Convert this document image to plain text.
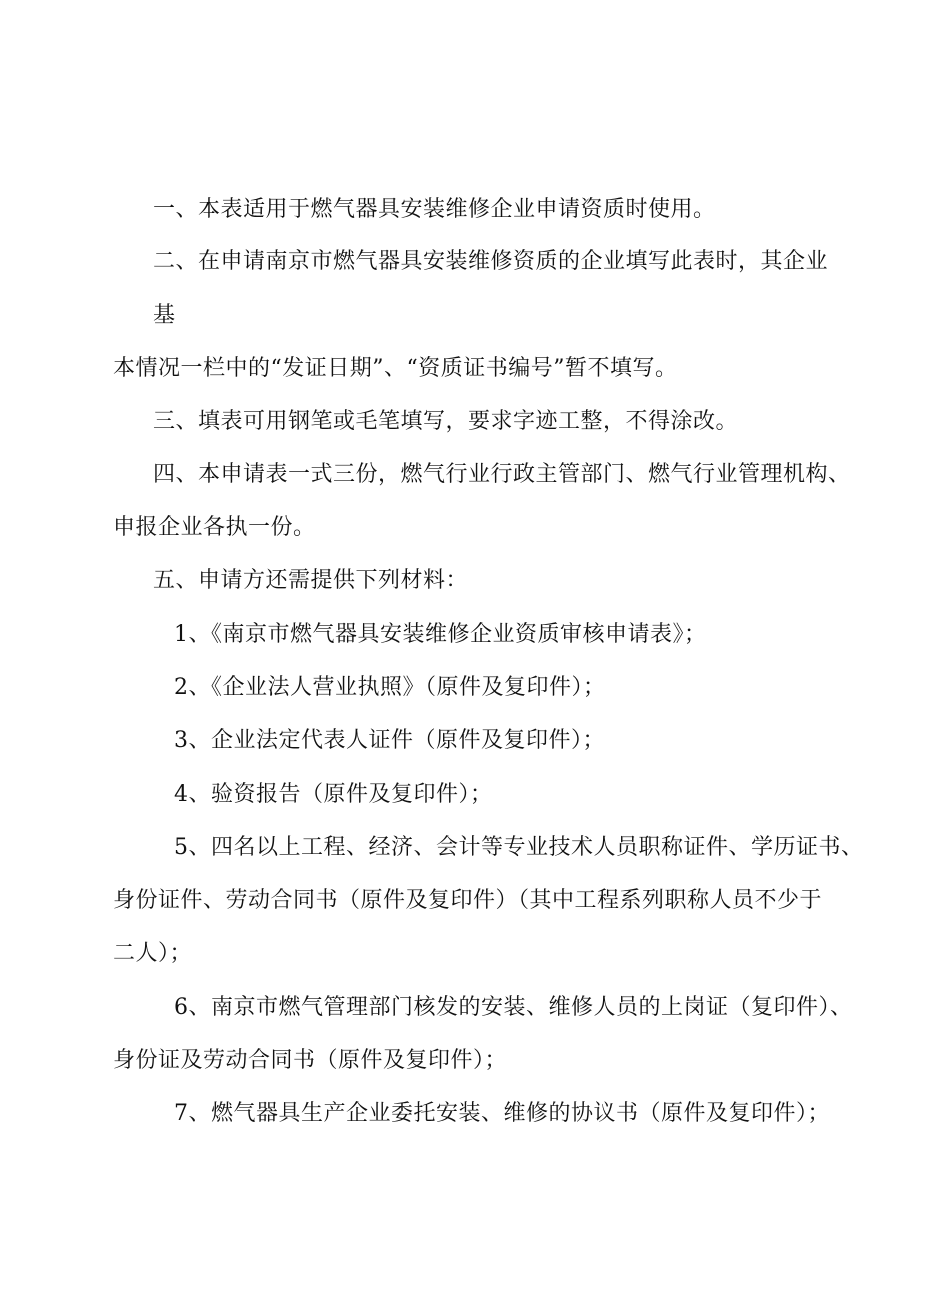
一、本表适用于燃气器具安装维修企业申请资质时使用。
二、在申请南京市燃气器具安装维修资质的企业填写此表时，其企业
基
本情况一栏中的“发证日期”、“资质证书编号”暂不填写。
三、填表可用钢笔或毛笔填写，要求字迹工整，不得涂改。
四、本申请表一式三份，燃气行业行政主管部门、燃气行业管理机构、
申报企业各执一份。
五、申请方还需提供下列材料：
1、《南京市燃气器具安装维修企业资质审核申请表》；
2、《企业法人营业执照》（原件及复印件）；
3、企业法定代表人证件（原件及复印件）；
4、验资报告（原件及复印件）；
5、四名以上工程、经济、会计等专业技术人员职称证件、学历证书、
身份证件、劳动合同书（原件及复印件）（其中工程系列职称人员不少于
二人）；
6、南京市燃气管理部门核发的安装、维修人员的上岗证（复印件）、
身份证及劳动合同书（原件及复印件）；
7、燃气器具生产企业委托安装、维修的协议书（原件及复印件）；
